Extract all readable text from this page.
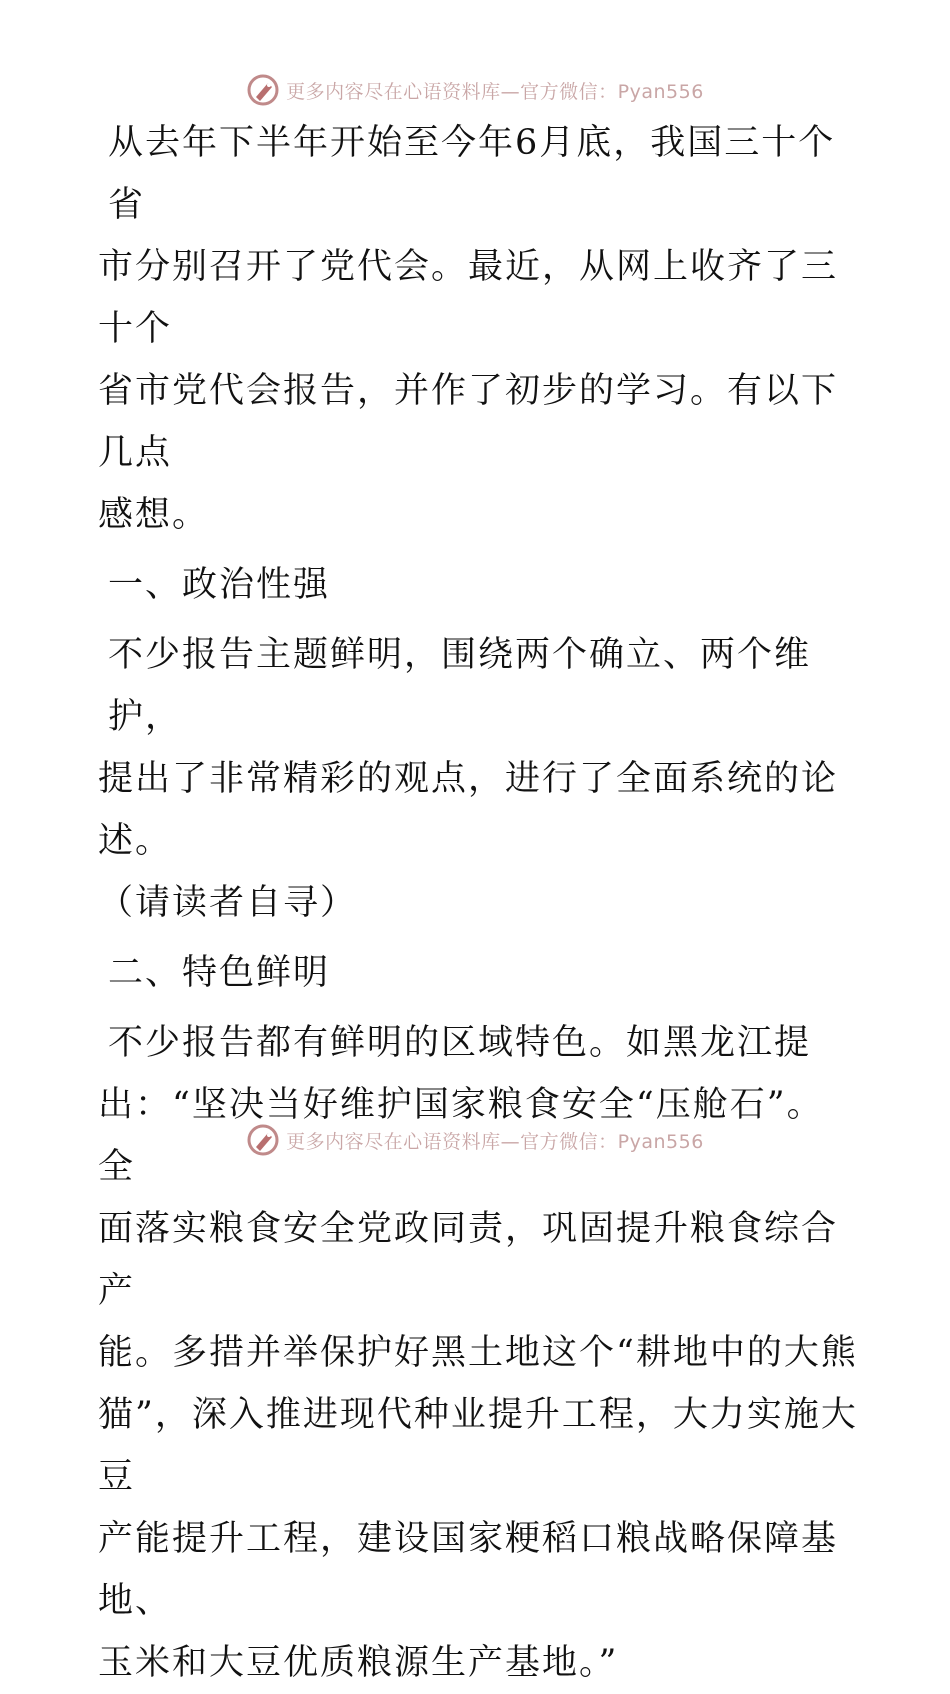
更多内容尽在心语资料库—官方微信：Pyan556

从去年下半年开始至今年6月底，我国三十个省

市分别召开了党代会。最近，从网上收齐了三十个

省市党代会报告，并作了初步的学习。有以下几点

感想。

一、政治性强

不少报告主题鲜明，围绕两个确立、两个维护，

提出了非常精彩的观点，进行了全面系统的论述。

（请读者自寻）

二、特色鲜明

不少报告都有鲜明的区域特色。如黑龙江提

出：“坚决当好维护国家粮食安全“压舱石”。全

面落实粮食安全党政同责，巩固提升粮食综合产

能。多措并举保护好黑土地这个“耕地中的大熊

猫”，深入推进现代种业提升工程，大力实施大豆

产能提升工程，建设国家粳稻口粮战略保障基地、

玉米和大豆优质粮源生产基地。”

更多内容尽在心语资料库—官方微信：Pyan556
